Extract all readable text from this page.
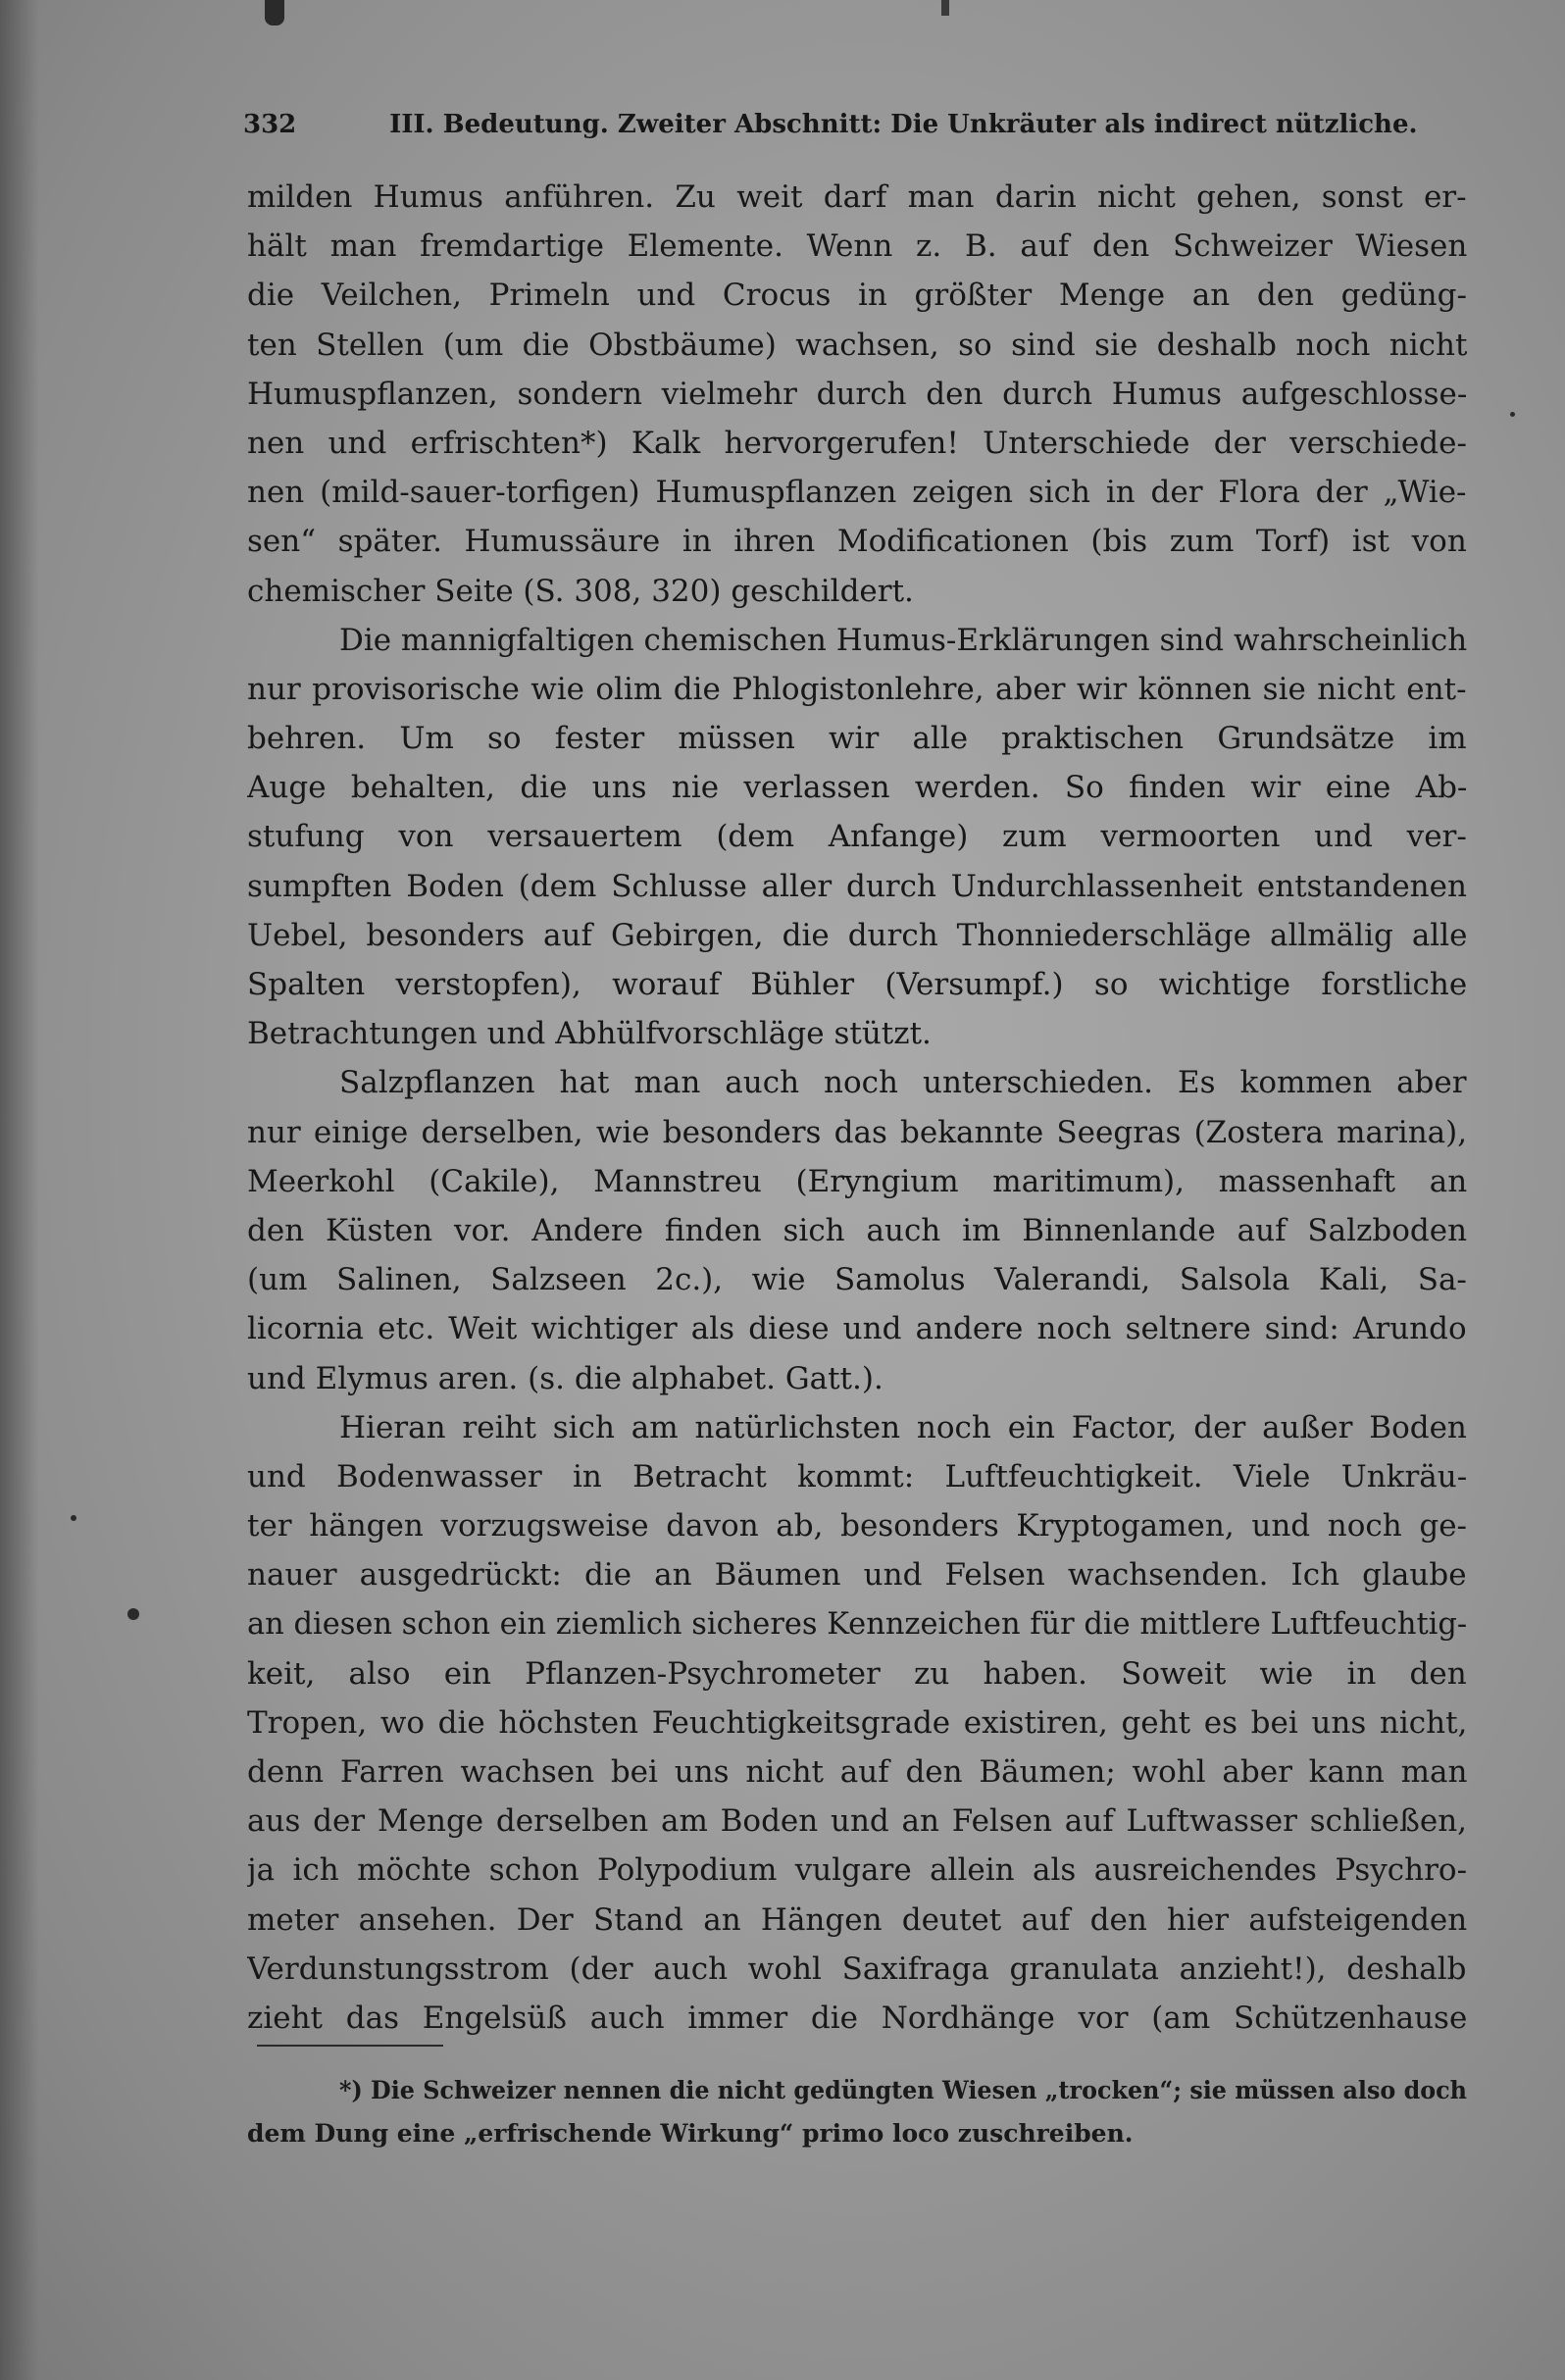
332	III. Bedeutung. Zweiter Abschnitt: Die Unkräuter als indirect nützliche.
milden Humus anführen. Zu weit darf man darin nicht gehen, sonst er-
hält man fremdartige Elemente. Wenn z. B. auf den Schweizer Wiesen
die Veilchen, Primeln und Crocus in größter Menge an den gedüng-
ten Stellen (um die Obstbäume) wachsen, so sind sie deshalb noch nicht
Humuspflanzen, sondern vielmehr durch den durch Humus aufgeschlosse-
nen und erfrischten*) Kalk hervorgerufen! Unterschiede der verschiede-
nen (mild-sauer-torfigen) Humuspflanzen zeigen sich in der Flora der „Wie-
sen“ später. Humussäure in ihren Modificationen (bis zum Torf) ist von
chemischer Seite (S. 308, 320) geschildert.
Die mannigfaltigen chemischen Humus-Erklärungen sind wahrscheinlich
nur provisorische wie olim die Phlogistonlehre, aber wir können sie nicht ent-
behren. Um so fester müssen wir alle praktischen Grundsätze im
Auge behalten, die uns nie verlassen werden. So finden wir eine Ab-
stufung von versauertem (dem Anfange) zum vermoorten und ver-
sumpften Boden (dem Schlusse aller durch Undurchlassenheit entstandenen
Uebel, besonders auf Gebirgen, die durch Thonniederschläge allmälig alle
Spalten verstopfen), worauf Bühler (Versumpf.) so wichtige forstliche
Betrachtungen und Abhülfvorschläge stützt.
Salzpflanzen hat man auch noch unterschieden. Es kommen aber
nur einige derselben, wie besonders das bekannte Seegras (Zostera marina),
Meerkohl (Cakile), Mannstreu (Eryngium maritimum), massenhaft an
den Küsten vor. Andere finden sich auch im Binnenlande auf Salzboden
(um Salinen, Salzseen 2c.), wie Samolus Valerandi, Salsola Kali, Sa-
licornia etc. Weit wichtiger als diese und andere noch seltnere sind: Arundo
und Elymus aren. (s. die alphabet. Gatt.).
Hieran reiht sich am natürlichsten noch ein Factor, der außer Boden
und Bodenwasser in Betracht kommt: Luftfeuchtigkeit. Viele Unkräu-
ter hängen vorzugsweise davon ab, besonders Kryptogamen, und noch ge-
nauer ausgedrückt: die an Bäumen und Felsen wachsenden. Ich glaube
an diesen schon ein ziemlich sicheres Kennzeichen für die mittlere Luftfeuchtig-
keit, also ein Pflanzen-Psychrometer zu haben. Soweit wie in den
Tropen, wo die höchsten Feuchtigkeitsgrade existiren, geht es bei uns nicht,
denn Farren wachsen bei uns nicht auf den Bäumen; wohl aber kann man
aus der Menge derselben am Boden und an Felsen auf Luftwasser schließen,
ja ich möchte schon Polypodium vulgare allein als ausreichendes Psychro-
meter ansehen. Der Stand an Hängen deutet auf den hier aufsteigenden
Verdunstungsstrom (der auch wohl Saxifraga granulata anzieht!), deshalb
zieht das Engelsüß auch immer die Nordhänge vor (am Schützenhause
*) Die Schweizer nennen die nicht gedüngten Wiesen „trocken“; sie müssen also doch
dem Dung eine „erfrischende Wirkung“ primo loco zuschreiben.
